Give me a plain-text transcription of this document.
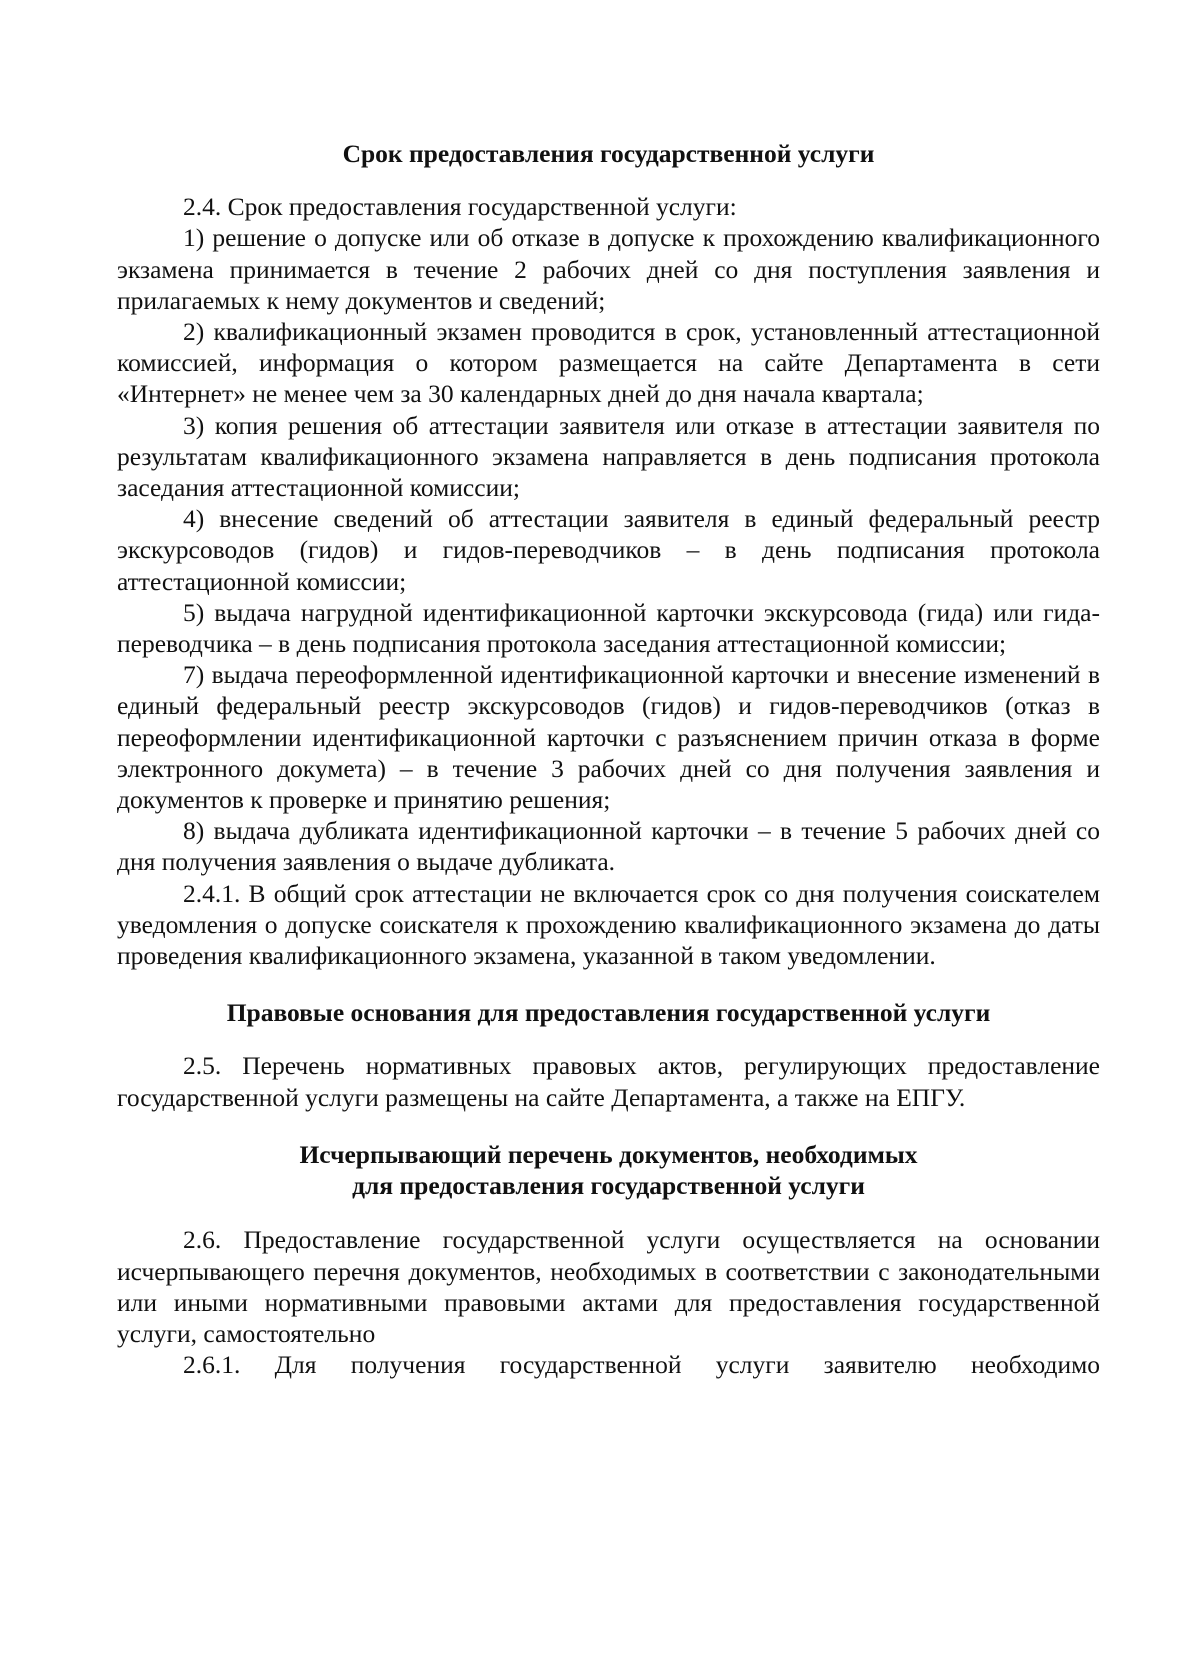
Срок предоставления государственной услуги

2.4. Срок предоставления государственной услуги:

1) решение о допуске или об отказе в допуске к прохождению квалификационного экзамена принимается в течение 2 рабочих дней со дня поступления заявления и прилагаемых к нему документов и сведений;

2) квалификационный экзамен проводится в срок, установленный аттестационной комиссией, информация о котором размещается на сайте Департамента в сети «Интернет» не менее чем за 30 календарных дней до дня начала квартала;

3) копия решения об аттестации заявителя или отказе в аттестации заявителя по результатам квалификационного экзамена направляется в день подписания протокола заседания аттестационной комиссии;

4) внесение сведений об аттестации заявителя в единый федеральный реестр экскурсоводов (гидов) и гидов-переводчиков – в день подписания протокола аттестационной комиссии;

5) выдача нагрудной идентификационной карточки экскурсовода (гида) или гида-переводчика – в день подписания протокола заседания аттестационной комиссии;

7) выдача переоформленной идентификационной карточки и внесение изменений в единый федеральный реестр экскурсоводов (гидов) и гидов-переводчиков (отказ в переоформлении идентификационной карточки с разъяснением причин отказа в форме электронного докумета) – в течение 3 рабочих дней со дня получения заявления и документов к проверке и принятию решения;

8) выдача дубликата идентификационной карточки – в течение 5 рабочих дней со дня получения заявления о выдаче дубликата.

2.4.1. В общий срок аттестации не включается срок со дня получения соискателем уведомления о допуске соискателя к прохождению квалификационного экзамена до даты проведения квалификационного экзамена, указанной в таком уведомлении.

Правовые основания для предоставления государственной услуги

2.5. Перечень нормативных правовых актов, регулирующих предоставление государственной услуги размещены на сайте Департамента, а также на ЕПГУ.

Исчерпывающий перечень документов, необходимых
для предоставления государственной услуги

2.6. Предоставление государственной услуги осуществляется на основании исчерпывающего перечня документов, необходимых в соответствии с законодательными или иными нормативными правовыми актами для предоставления государственной услуги, самостоятельно

2.6.1. Для получения государственной услуги заявителю необходимо
